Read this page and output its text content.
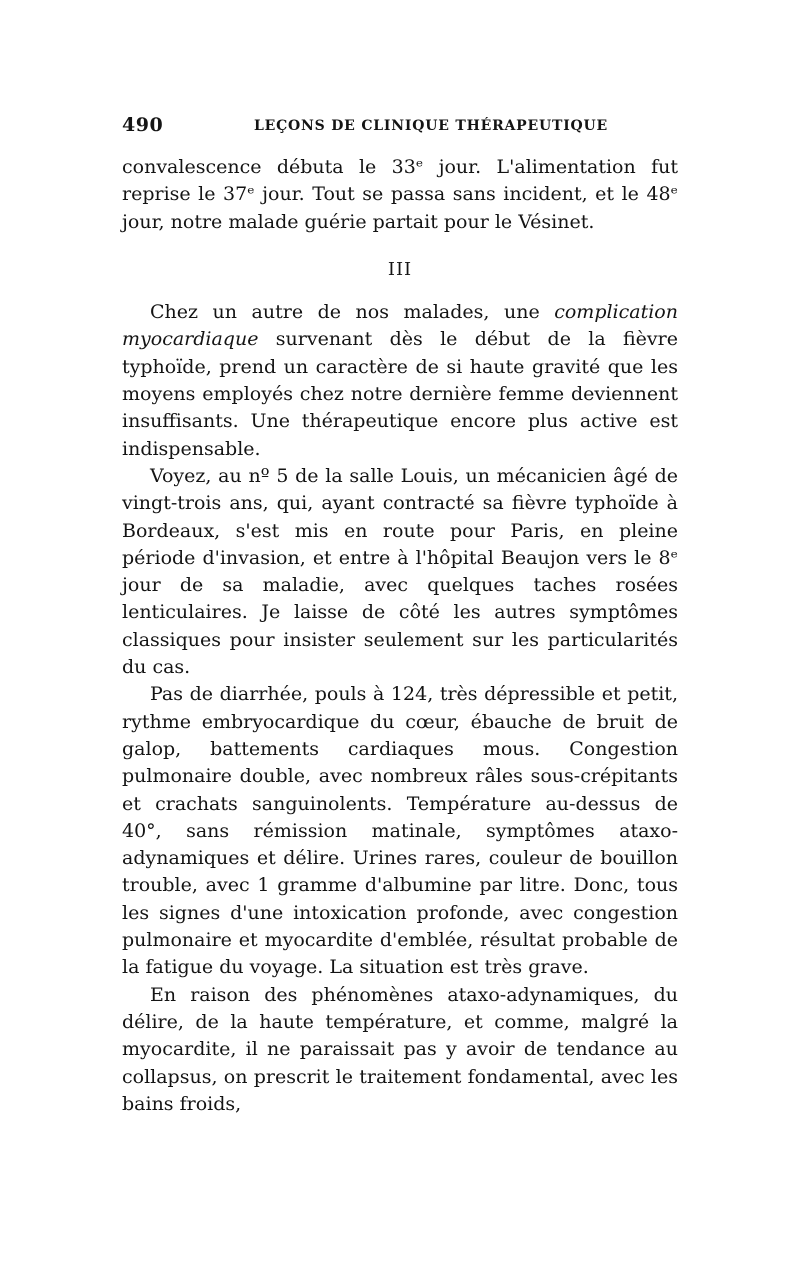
490	LEÇONS DE CLINIQUE THÉRAPEUTIQUE

convalescence débuta le 33ᵉ jour. L'alimentation fut reprise le 37ᵉ jour. Tout se passa sans incident, et le 48ᵉ jour, notre malade guérie partait pour le Vésinet.

III

Chez un autre de nos malades, une complication myocardiaque survenant dès le début de la fièvre typhoïde, prend un caractère de si haute gravité que les moyens employés chez notre dernière femme deviennent insuffisants. Une thérapeutique encore plus active est indispensable.

Voyez, au nº 5 de la salle Louis, un mécanicien âgé de vingt-trois ans, qui, ayant contracté sa fièvre typhoïde à Bordeaux, s'est mis en route pour Paris, en pleine période d'invasion, et entre à l'hôpital Beaujon vers le 8ᵉ jour de sa maladie, avec quelques taches rosées lenticulaires. Je laisse de côté les autres symptômes classiques pour insister seulement sur les particularités du cas.

Pas de diarrhée, pouls à 124, très dépressible et petit, rythme embryocardique du cœur, ébauche de bruit de galop, battements cardiaques mous. Congestion pulmonaire double, avec nombreux râles sous-crépitants et crachats sanguinolents. Température au-dessus de 40°, sans rémission matinale, symptômes ataxo-adynamiques et délire. Urines rares, couleur de bouillon trouble, avec 1 gramme d'albumine par litre. Donc, tous les signes d'une intoxication profonde, avec congestion pulmonaire et myocardite d'emblée, résultat probable de la fatigue du voyage. La situation est très grave.

En raison des phénomènes ataxo-adynamiques, du délire, de la haute température, et comme, malgré la myocardite, il ne paraissait pas y avoir de tendance au collapsus, on prescrit le traitement fondamental, avec les bains froids,
